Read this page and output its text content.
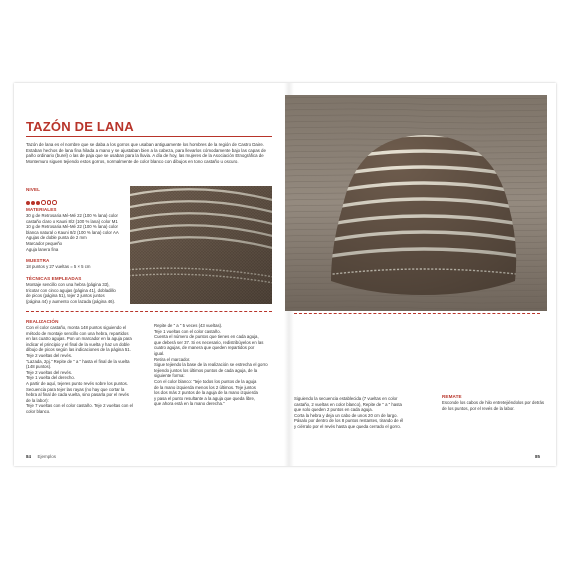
TAZÓN DE LANA
Tazón de lana es el nombre que se daba a los gorros que usaban antiguamente los hombres de la región de Castro Daire. Estaban hechos de lana fina hilada a mano y se ajustaban bien a la cabeza, para llevarlos cómodamente bajo las capas de paño ordinario (burel) o las de paja que se usaban para la lluvia. A día de hoy, las mujeres de la Asociación Etnográfica de Montemuro siguen tejiendo estos gorros, normalmente de color blanco con dibujos en tono castaño u oscuro.
NIVEL
MATERIALES
30 g de Retrosaria Mé-Mé 22 (100 % lana) color
castaño claro o Kauni 8/2 (100 % lana) color M1
10 g de Retrosaria Mé-Mé 22 (100 % lana) color
blanca natural o Kauni 8/2 (100 % lana) color AA
Agujas de doble punta de 2 mm
Marcador pequeño
Aguja lanera fina
MUESTRA
18 puntos y 27 vueltas = 5 × 5 cm
TÉCNICAS EMPLEADAS
Montaje sencillo con una hebra (página 33),
tricotar con cinco agujas (página 41), dobladillo
de picos (página 51), tejer 2 juntos juntos
(página 44) y aumento con lazada (página 46).
REALIZACIÓN
Con el color castaño, monta 148 puntos siguiendo el
método de montaje sencillo con una hebra, repartidos
en las cuatro agujas. Pon un marcador en la aguja para
indicar el principio y el final de la vuelta y haz un doble
dibujo de picos según las indicaciones de la página 51.
Teje 2 vueltas del revés.
"Lazada, 2pj." Repite de " a " hasta el final de la vuelta
(148 puntos).
Teje 2 vueltas del revés.
Teje 1 vuelta del derecho.
A partir de aquí, tejeres punto revés sobre los puntos.
Secuencia para tejer las rayas (no hay que cortar la
hebra al final de cada vuelta, sino pasarla por el revés
de la labor):
Teje 7 vueltas con el color castaño. Teje 2 vueltas con el
color blanco.
Repite de " a " 5 veces (43 vueltas).
Teje 1 vueltas con el color castaño.
Cuenta el número de puntos que tienes en cada aguja,
que deberá ser 37. Si es necesario, redistribúyelos en las
cuatro agujas, de manera que queden repartidos por
igual.
Retira el marcador.
Sigue tejiendo la base de la realización se estrecha el gorro
tejiendo juntos los últimos puntos de cada aguja, de la
siguiente forma:
Con el color blanco: "teje todos los puntos de la aguja
de la mano izquierda menos los 2 últimos. Teje juntos
los dos más 2 puntos de la aguja de la mano izquierda
y pasa el punto resultante a la aguja que queda libre,
que ahora está en la mano derecha."
84 Ejemplos
Siguiendo la secuencia establecida (7 vueltas en color
castaño, 2 vueltas en color blanco), Repite de " a " hasta
que solo queden 2 puntos en cada aguja.
Corta la hebra y deja un cabo de unos 20 cm de largo.
Pásalo por dentro de los 8 puntos restantes, tirando de él
y ciérralo por el revés hasta que queda cerrado el gorro.
REMATE
Esconde los cabos de hilo entretejiéndolos por detrás
de los puntos, por el revés de la labor.
85
